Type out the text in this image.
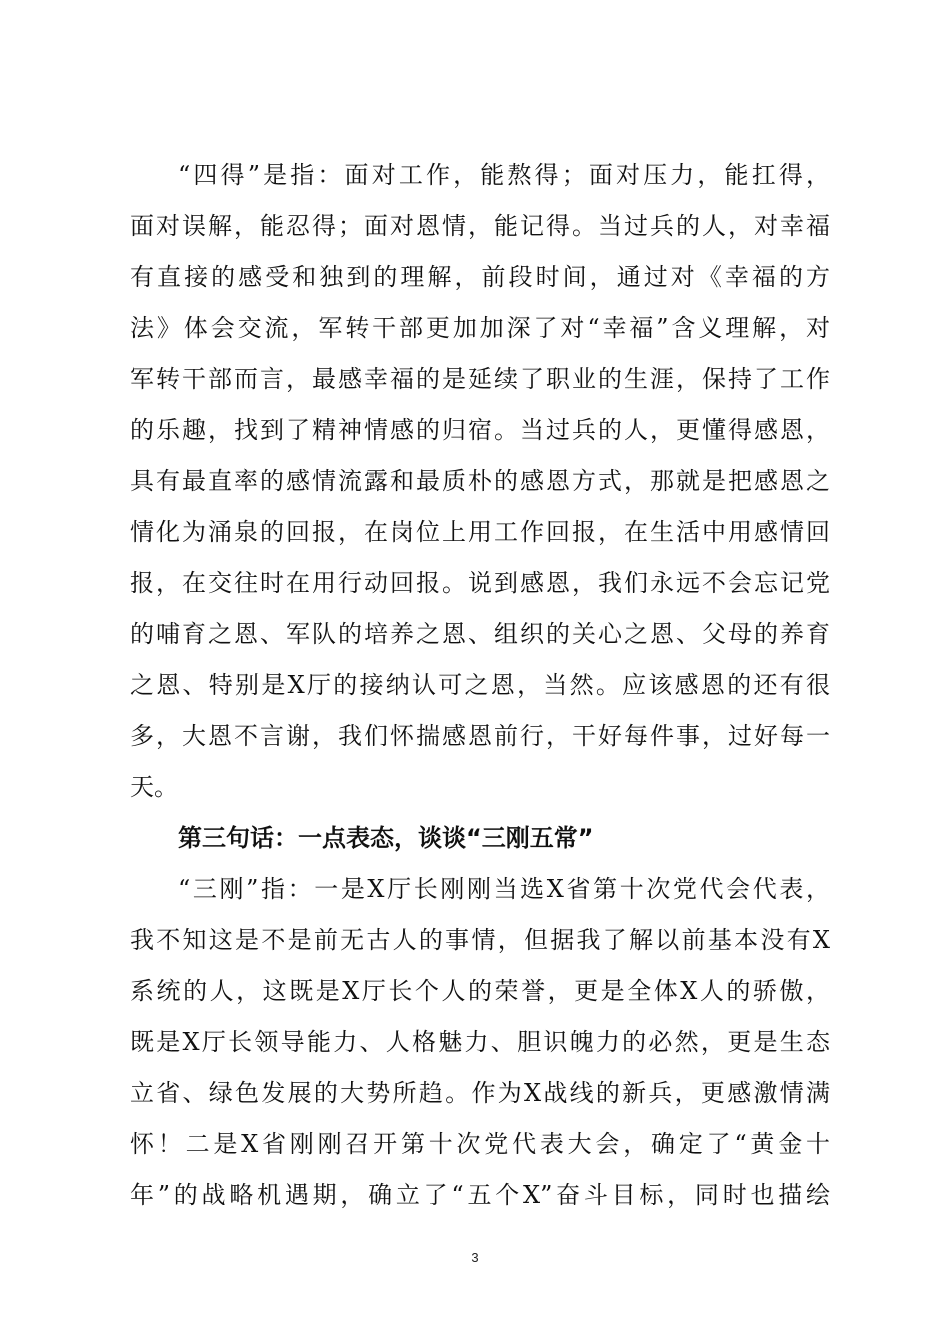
“四得”是指：面对工作，能熬得；面对压力，能扛得，
面对误解，能忍得；面对恩情，能记得。当过兵的人，对幸福
有直接的感受和独到的理解，前段时间，通过对《幸福的方
法》体会交流，军转干部更加加深了对“幸福”含义理解，对
军转干部而言，最感幸福的是延续了职业的生涯，保持了工作
的乐趣，找到了精神情感的归宿。当过兵的人，更懂得感恩，
具有最直率的感情流露和最质朴的感恩方式，那就是把感恩之
情化为涌泉的回报，在岗位上用工作回报，在生活中用感情回
报，在交往时在用行动回报。说到感恩，我们永远不会忘记党
的哺育之恩、军队的培养之恩、组织的关心之恩、父母的养育
之恩、特别是X厅的接纳认可之恩，当然。应该感恩的还有很
多，大恩不言谢，我们怀揣感恩前行，干好每件事，过好每一
天。
第三句话：一点表态，谈谈“三刚五常”
“三刚”指：一是X厅长刚刚当选X省第十次党代会代表，
我不知这是不是前无古人的事情，但据我了解以前基本没有X
系统的人，这既是X厅长个人的荣誉，更是全体X人的骄傲，
既是X厅长领导能力、人格魅力、胆识魄力的必然，更是生态
立省、绿色发展的大势所趋。作为X战线的新兵，更感激情满
怀！二是X省刚刚召开第十次党代表大会，确定了“黄金十
年”的战略机遇期，确立了“五个X”奋斗目标，同时也描绘
3
